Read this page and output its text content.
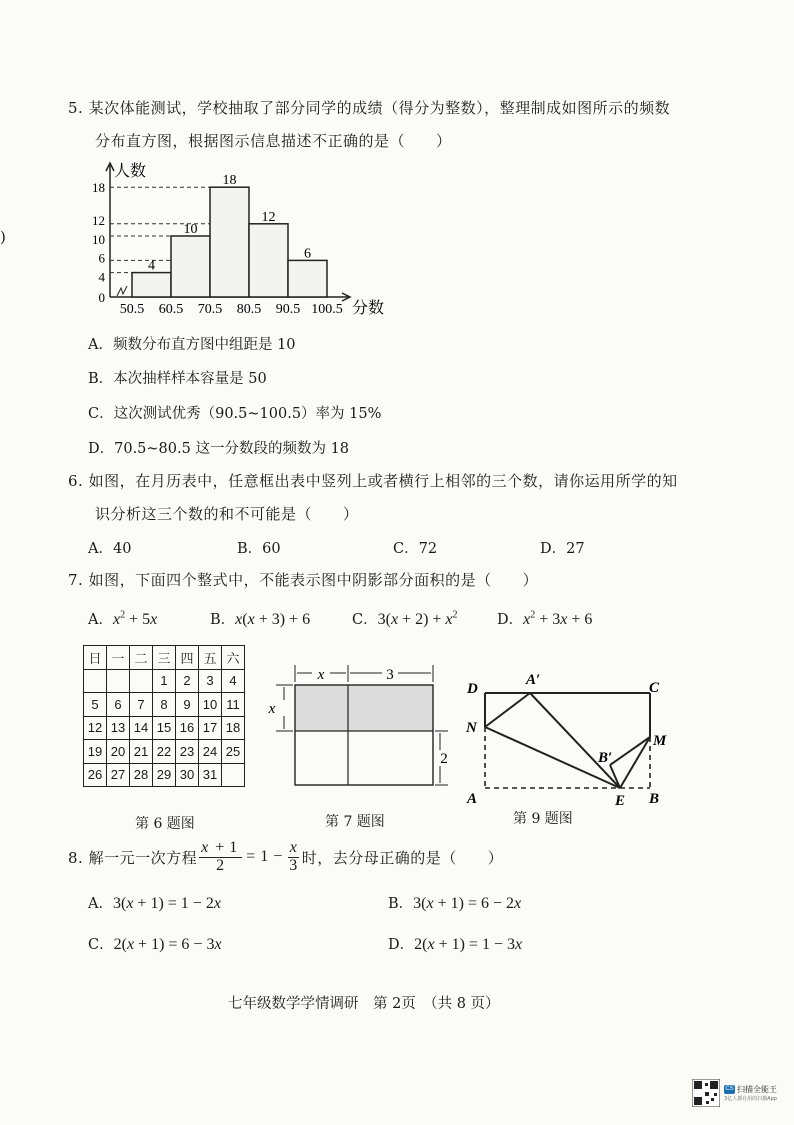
)
5. 某次体能测试，学校抽取了部分同学的成绩（得分为整数），整理制成如图所示的频数
分布直方图，根据图示信息描述不正确的是（　　）
人数
4
10
18
12
6
0
4
6
10
12
18
50.5 60.5 70.5 80.5 90.5 100.5 分数
A．频数分布直方图中组距是 10
B．本次抽样样本容量是 50
C．这次测试优秀（90.5~100.5）率为 15%
D．70.5~80.5 这一分数段的频数为 18
6. 如图，在月历表中，任意框出表中竖列上或者横行上相邻的三个数，请你运用所学的知
识分析这三个数的和不可能是（　　）
A．40	B．60	C．72	D．27
7. 如图，下面四个整式中，不能表示图中阴影部分面积的是（　　）
A．$x^2 + 5x$	B．x(x + 3) + 6	C．$3(x + 2) + x^2$	D．$x^2 + 3x + 6$
日	一	二	三	四	五	六
			1	2	3	4
5	6	7	8	9	10	11
12	13	14	15	16	17	18
19	20	21	22	23	24	25
26	27	28	29	30	31	
x	3
x
2
D
A′	C
N
M
B′
A	E B
第 6 题图	第 7 题图	第 9 题图
8. 解一元一次方程 $\frac{x + 1}{2} = 1 - \frac{x}{3}$ 时，去分母正确的是（　　）
A．3(x + 1) = 1 − 2x	B．3(x + 1) = 6 − 2x
C．2(x + 1) = 6 − 3x	D．2(x + 1) = 1 − 3x
七年级数学学情调研　第 2页　（共 8 页）
CS 扫描全能王
3亿人都在用的扫描App
